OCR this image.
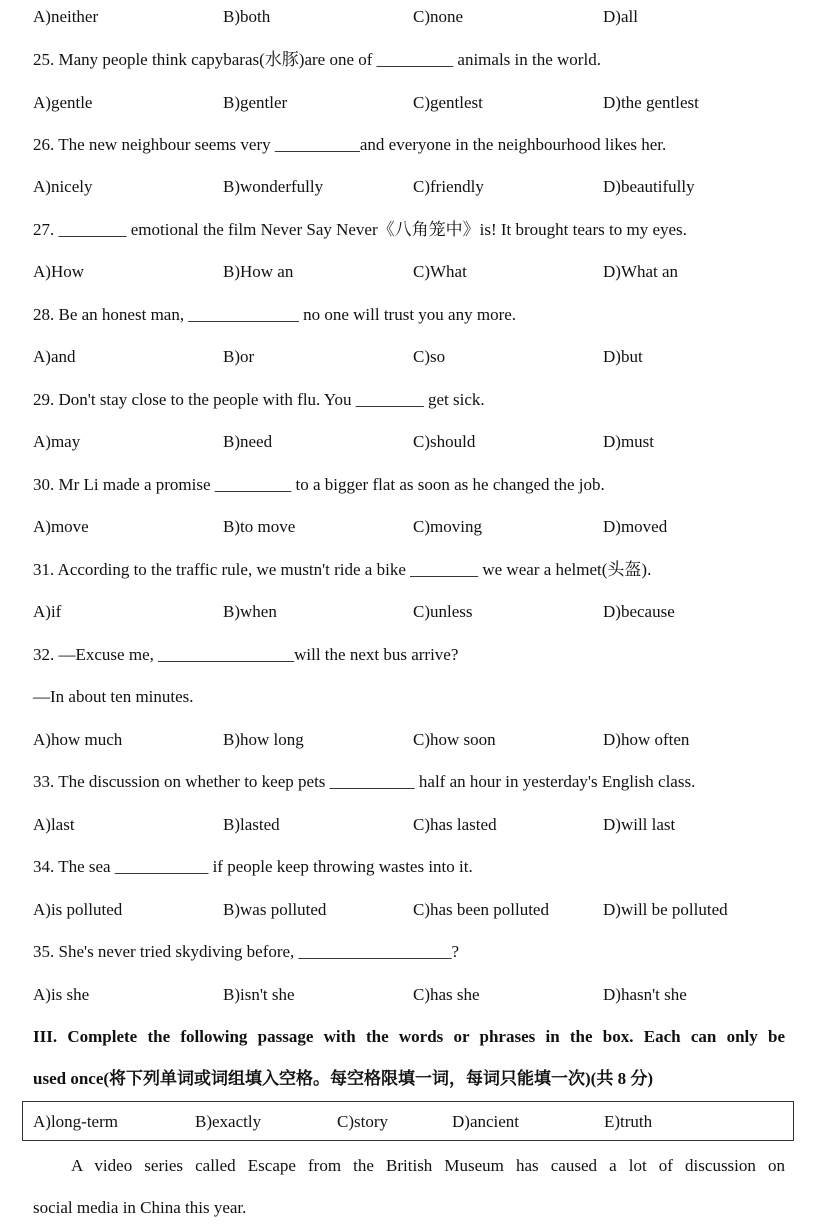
A)neither	B)both	C)none	D)all
25. Many people think capybaras(水豚)are one of _________ animals in the world.
A)gentle	B)gentler	C)gentlest	D)the gentlest
26. The new neighbour seems very __________and everyone in the neighbourhood likes her.
A)nicely	B)wonderfully	C)friendly	D)beautifully
27. ________ emotional the film Never Say Never《八角笼中》is! It brought tears to my eyes.
A)How	B)How an	C)What	D)What an
28. Be an honest man, _____________ no one will trust you any more.
A)and	B)or	C)so	D)but
29. Don't stay close to the people with flu. You ________ get sick.
A)may	B)need	C)should	D)must
30. Mr Li made a promise _________ to a bigger flat as soon as he changed the job.
A)move	B)to move	C)moving	D)moved
31. According to the traffic rule, we mustn't ride a bike ________ we wear a helmet(头盔).
A)if	B)when	C)unless	D)because
32. —Excuse me, ________________will the next bus arrive?
—In about ten minutes.
A)how much	B)how long	C)how soon	D)how often
33. The discussion on whether to keep pets __________ half an hour in yesterday's English class.
A)last	B)lasted	C)has lasted	D)will last
34. The sea ___________ if people keep throwing wastes into it.
A)is polluted	B)was polluted	C)has been polluted	D)will be polluted
35. She's never tried skydiving before, __________________?
A)is she	B)isn't she	C)has she	D)hasn't she
III. Complete the following passage with the words or phrases in the box. Each can only be
used once(将下列单词或词组填入空格。每空格限填一词，每词只能填一次)(共 8 分)
A)long-term	B)exactly	C)story	D)ancient	E)truth
A video series called Escape from the British Museum has caused a lot of discussion on
social media in China this year.
